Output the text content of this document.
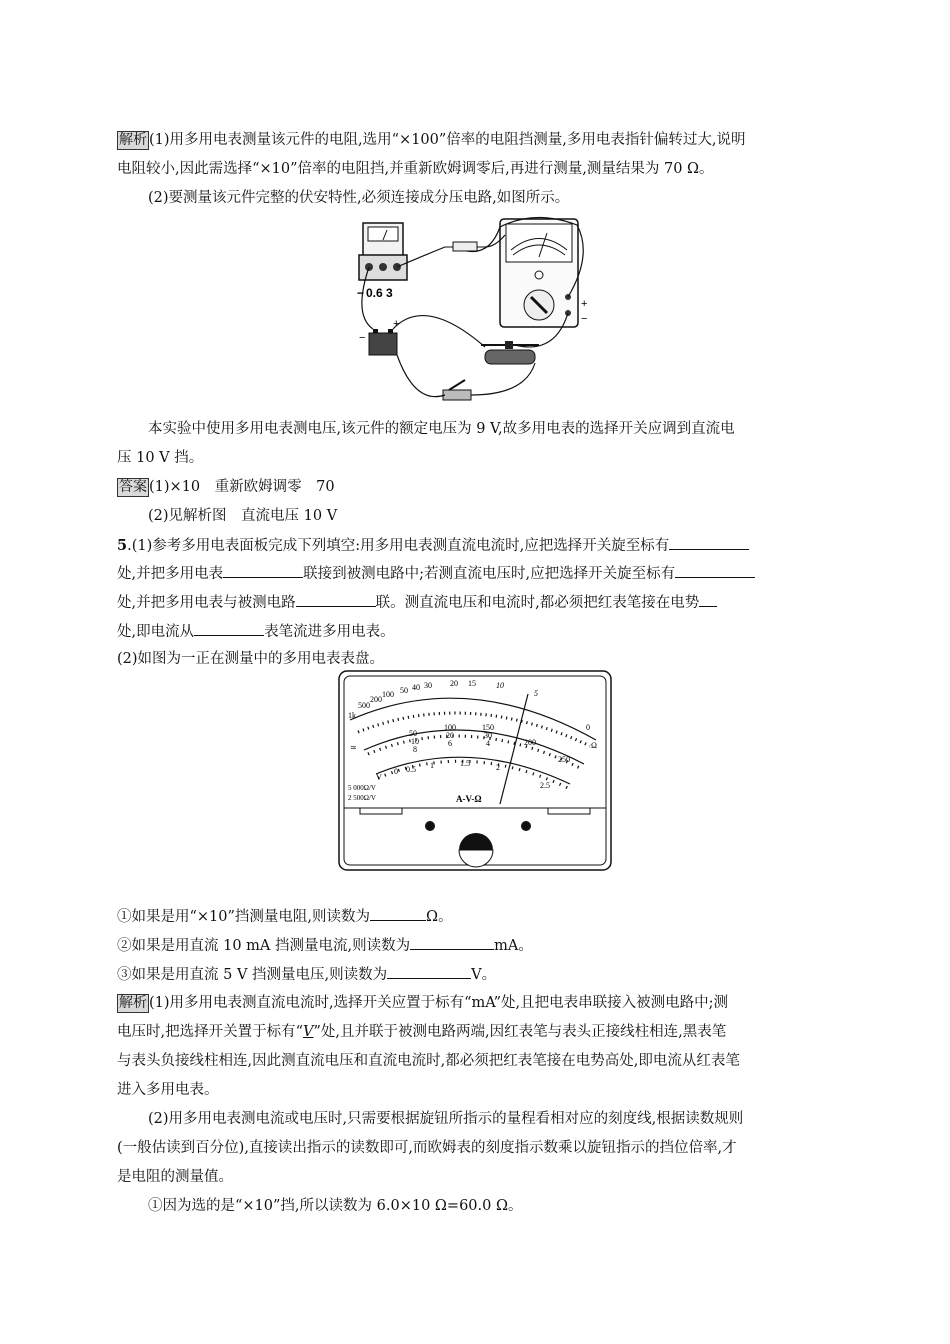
解析 (1)用多用电表测量该元件的电阻,选用“×100”倍率的电阻挡测量,多用电表指针偏转过大,说明
电阻较小,因此需选择“×10”倍率的电阻挡,并重新欧姆调零后,再进行测量,测量结果为 70 Ω。
(2)要测量该元件完整的伏安特性,必须连接成分压电路,如图所示。
− 0.6 3
+
−
−
+
本实验中使用多用电表测电压,该元件的额定电压为 9 V,故多用电表的选择开关应调到直流电
压 10 V 挡。
答案 (1)×10　重新欧姆调零　70
(2)见解析图　直流电压 10 V
5.(1)参考多用电表面板完成下列填空:用多用电表测直流电流时,应把选择开关旋至标有
处,并把多用电表	联接到被测电路中;若测直流电压时,应把选择开关旋至标有
处,并把多用电表与被测电路	联。测直流电压和电流时,都必须把红表笔接在电势
处,即电流从	表笔流进多用电表。
(2)如图为一正在测量中的多用电表表盘。
1k
500
200
100 50 40 30 20 15	10
5
0
Ω
≃
100
20
6
50
10
8
150
30
4	200
250
V
0 0.5 1	1.5	2
2.5
5 000Ω/V
2 500Ω/V	A-V-Ω
①如果是用“×10”挡测量电阻,则读数为	Ω。
②如果是用直流 10 mA 挡测量电流,则读数为	mA。
③如果是用直流 5 V 挡测量电压,则读数为	V。
解析 (1)用多用电表测直流电流时,选择开关应置于标有“mA”处,且把电表串联接入被测电路中;测
电压时,把选择开关置于标有“V”处,且并联于被测电路两端,因红表笔与表头正接线柱相连,黑表笔
与表头负接线柱相连,因此测直流电压和直流电流时,都必须把红表笔接在电势高处,即电流从红表笔
进入多用电表。
(2)用多用电表测电流或电压时,只需要根据旋钮所指示的量程看相对应的刻度线,根据读数规则
(一般估读到百分位),直接读出指示的读数即可,而欧姆表的刻度指示数乘以旋钮指示的挡位倍率,才
是电阻的测量值。
①因为选的是“×10”挡,所以读数为 6.0×10 Ω=60.0 Ω。
